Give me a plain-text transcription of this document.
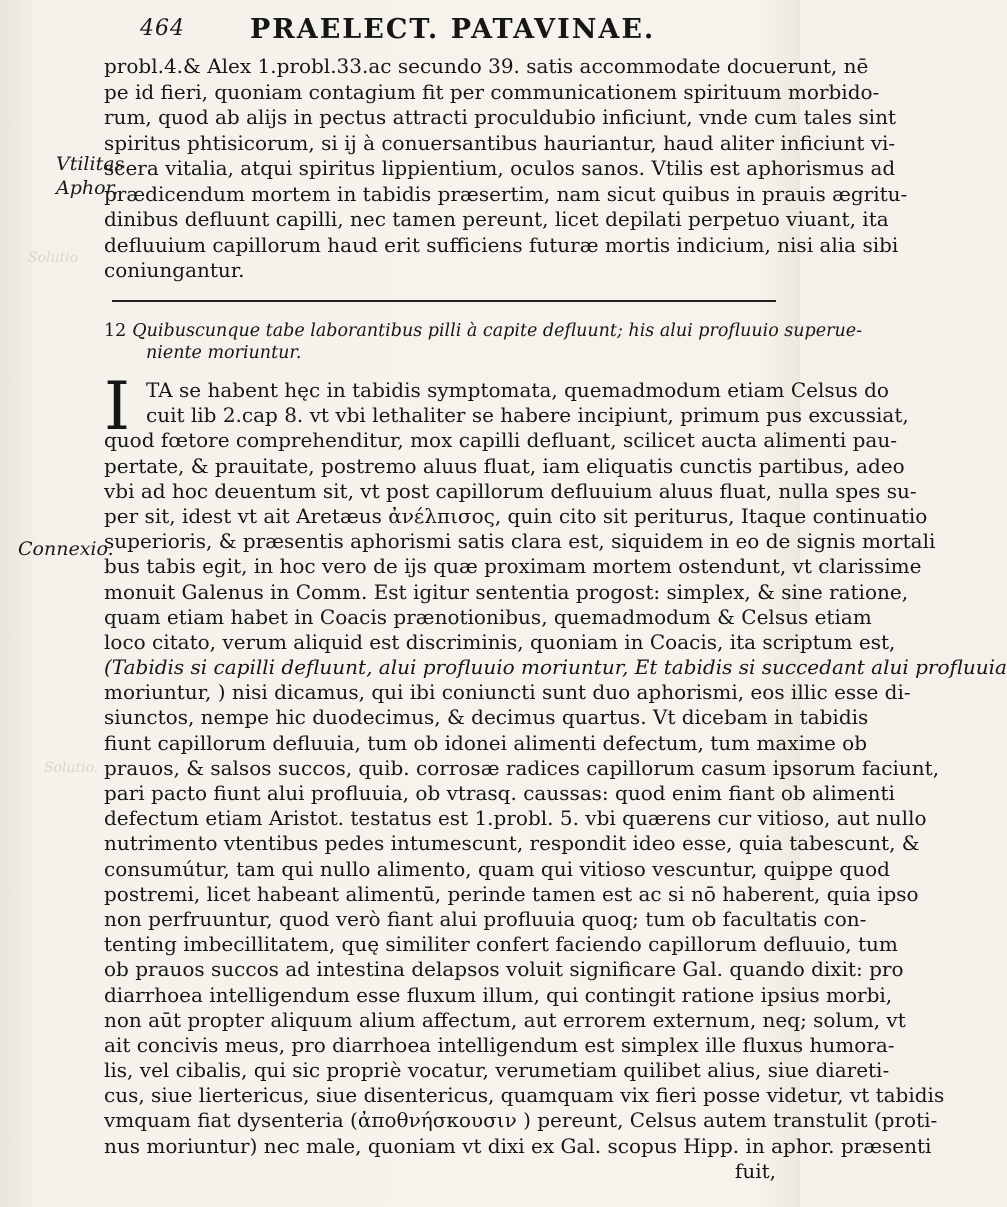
464 PRAELECT. PATAVINAE.
Vtilitas
Aphor.
Connexio.
Solutio
Solutio.
probl.4.& Alex 1.probl.33.ac secundo 39. satis accommodate docuerunt, nē
pe id fieri, quoniam contagium fit per communicationem spirituum morbido-
rum, quod ab alijs in pectus attracti proculdubio inficiunt, vnde cum tales sint
spiritus phtisicorum, si ij à conuersantibus hauriantur, haud aliter inficiunt vi-
scera vitalia, atqui spiritus lippientium, oculos sanos. Vtilis est aphorismus ad
prædicendum mortem in tabidis præsertim, nam sicut quibus in prauis ægritu-
dinibus defluunt capilli, nec tamen pereunt, licet depilati perpetuo viuant, ita
defluuium capillorum haud erit sufficiens futuræ mortis indicium, nisi alia sibi
coniungantur.
12 Quibuscunque tabe laborantibus pilli à capite defluunt; his alui profluuio superue-
niente moriuntur.
I TA se habent hęc in tabidis symptomata, quemadmodum etiam Celsus do
cuit lib 2.cap 8. vt vbi lethaliter se habere incipiunt, primum pus excussiat,
quod fœtore comprehenditur, mox capilli defluant, scilicet aucta alimenti pau-
pertate, & prauitate, postremo aluus fluat, iam eliquatis cunctis partibus, adeo
vbi ad hoc deuentum sit, vt post capillorum defluuium aluus fluat, nulla spes su-
per sit, idest vt ait Aretæus ἀνέλπισος, quin cito sit periturus, Itaque continuatio
superioris, & præsentis aphorismi satis clara est, siquidem in eo de signis mortali
bus tabis egit, in hoc vero de ijs quæ proximam mortem ostendunt, vt clarissime
monuit Galenus in Comm. Est igitur sententia progost: simplex, & sine ratione,
quam etiam habet in Coacis prænotionibus, quemadmodum & Celsus etiam
loco citato, verum aliquid est discriminis, quoniam in Coacis, ita scriptum est,
(Tabidis si capilli defluunt, alui profluuio moriuntur, Et tabidis si succedant alui profluuia
moriuntur, ) nisi dicamus, qui ibi coniuncti sunt duo aphorismi, eos illic esse di-
siunctos, nempe hic duodecimus, & decimus quartus. Vt dicebam in tabidis
fiunt capillorum defluuia, tum ob idonei alimenti defectum, tum maxime ob
prauos, & salsos succos, quib. corrosæ radices capillorum casum ipsorum faciunt,
pari pacto fiunt alui profluuia, ob vtrasq. caussas: quod enim fiant ob alimenti
defectum etiam Aristot. testatus est 1.probl. 5. vbi quærens cur vitioso, aut nullo
nutrimento vtentibus pedes intumescunt, respondit ideo esse, quia tabescunt, &
consumútur, tam qui nullo alimento, quam qui vitioso vescuntur, quippe quod
postremi, licet habeant alimentū, perinde tamen est ac si nō haberent, quia ipso
non perfruuntur, quod verò fiant alui profluuia quoq; tum ob facultatis con-
tenting imbecillitatem, quę similiter confert faciendo capillorum defluuio, tum
ob prauos succos ad intestina delapsos voluit significare Gal. quando dixit: pro
diarrhoea intelligendum esse fluxum illum, qui contingit ratione ipsius morbi,
non aūt propter aliquum alium affectum, aut errorem externum, neq; solum, vt
ait concivis meus, pro diarrhoea intelligendum est simplex ille fluxus humora-
lis, vel cibalis, qui sic propriè vocatur, verumetiam quilibet alius, siue diareti-
cus, siue liertericus, siue disentericus, quamquam vix fieri posse videtur, vt tabidis
vmquam fiat dysenteria (ἀποθνήσκουσιν ) pereunt, Celsus autem transtulit (proti-
nus moriuntur) nec male, quoniam vt dixi ex Gal. scopus Hipp. in aphor. præsenti
fuit,
